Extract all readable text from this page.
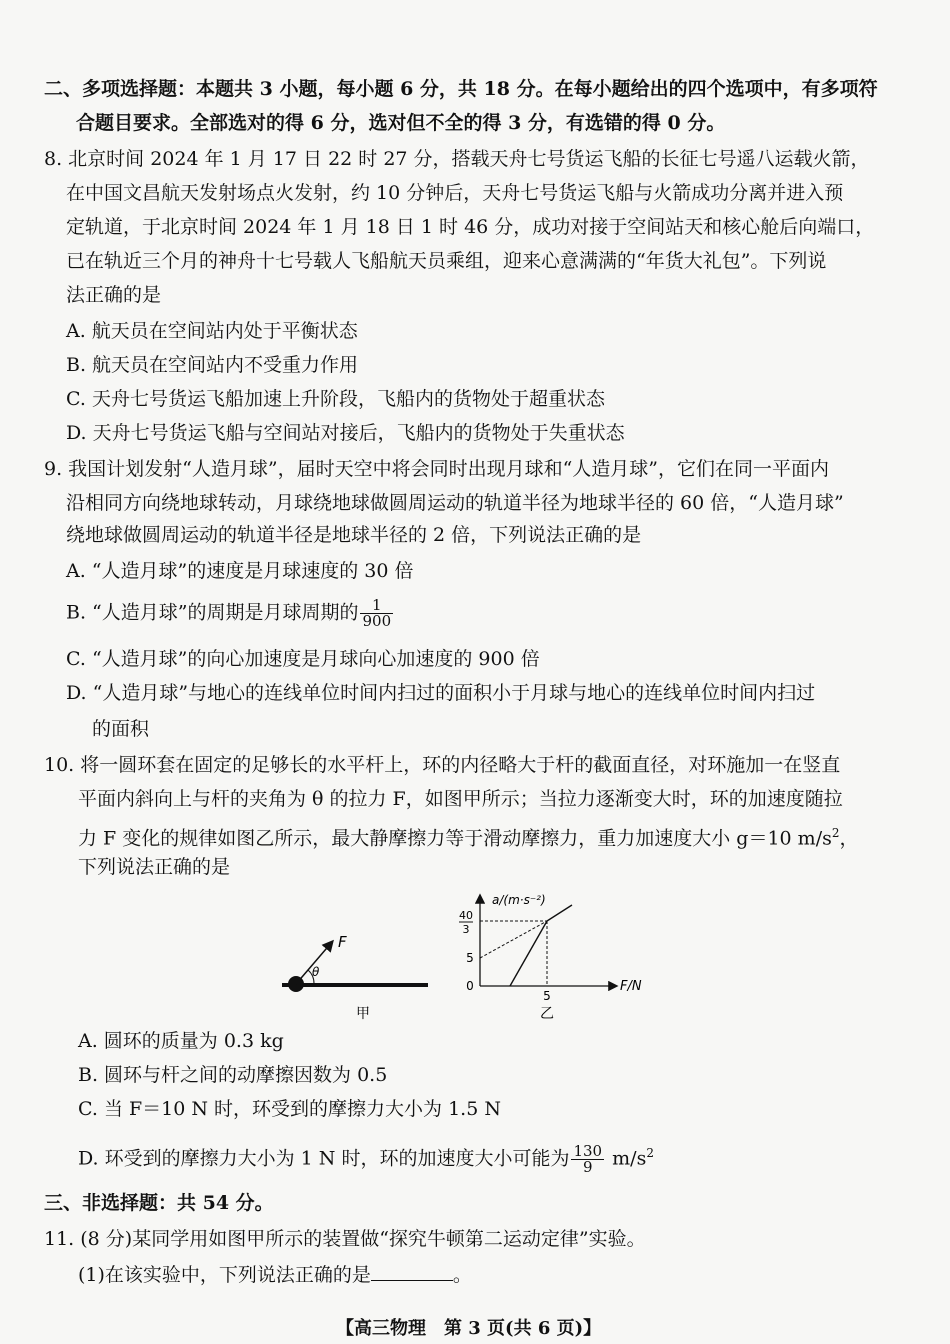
二、多项选择题：本题共 3 小题，每小题 6 分，共 18 分。在每小题给出的四个选项中，有多项符
合题目要求。全部选对的得 6 分，选对但不全的得 3 分，有选错的得 0 分。
8. 北京时间 2024 年 1 月 17 日 22 时 27 分，搭载天舟七号货运飞船的长征七号遥八运载火箭，
在中国文昌航天发射场点火发射，约 10 分钟后，天舟七号货运飞船与火箭成功分离并进入预
定轨道，于北京时间 2024 年 1 月 18 日 1 时 46 分，成功对接于空间站天和核心舱后向端口，
已在轨近三个月的神舟十七号载人飞船航天员乘组，迎来心意满满的“年货大礼包”。下列说
法正确的是
A. 航天员在空间站内处于平衡状态
B. 航天员在空间站内不受重力作用
C. 天舟七号货运飞船加速上升阶段，飞船内的货物处于超重状态
D. 天舟七号货运飞船与空间站对接后，飞船内的货物处于失重状态
9. 我国计划发射“人造月球”，届时天空中将会同时出现月球和“人造月球”，它们在同一平面内
沿相同方向绕地球转动，月球绕地球做圆周运动的轨道半径为地球半径的 60 倍，“人造月球”
绕地球做圆周运动的轨道半径是地球半径的 2 倍，下列说法正确的是
A. “人造月球”的速度是月球速度的 30 倍
B. “人造月球”的周期是月球周期的 $\frac{1}{900}$
C. “人造月球”的向心加速度是月球向心加速度的 900 倍
D. “人造月球”与地心的连线单位时间内扫过的面积小于月球与地心的连线单位时间内扫过
的面积
10. 将一圆环套在固定的足够长的水平杆上，环的内径略大于杆的截面直径，对环施加一在竖直
平面内斜向上与杆的夹角为 θ 的拉力 F，如图甲所示；当拉力逐渐变大时，环的加速度随拉
力 F 变化的规律如图乙所示，最大静摩擦力等于滑动摩擦力，重力加速度大小 g＝10 $m/s^2$，
下列说法正确的是
F
θ
甲
a/(m·s⁻²)
F/N
40
3
5
0
5
乙
A. 圆环的质量为 0.3 kg
B. 圆环与杆之间的动摩擦因数为 0.5
C. 当 F＝10 N 时，环受到的摩擦力大小为 1.5 N
D. 环受到的摩擦力大小为 1 N 时，环的加速度大小可能为 $\frac{130}{9} m/s^2$
三、非选择题：共 54 分。
11. (8 分)某同学用如图甲所示的装置做“探究牛顿第二运动定律”实验。
(1)在该实验中，下列说法正确的是	。
【高三物理　第 3 页(共 6 页)】
